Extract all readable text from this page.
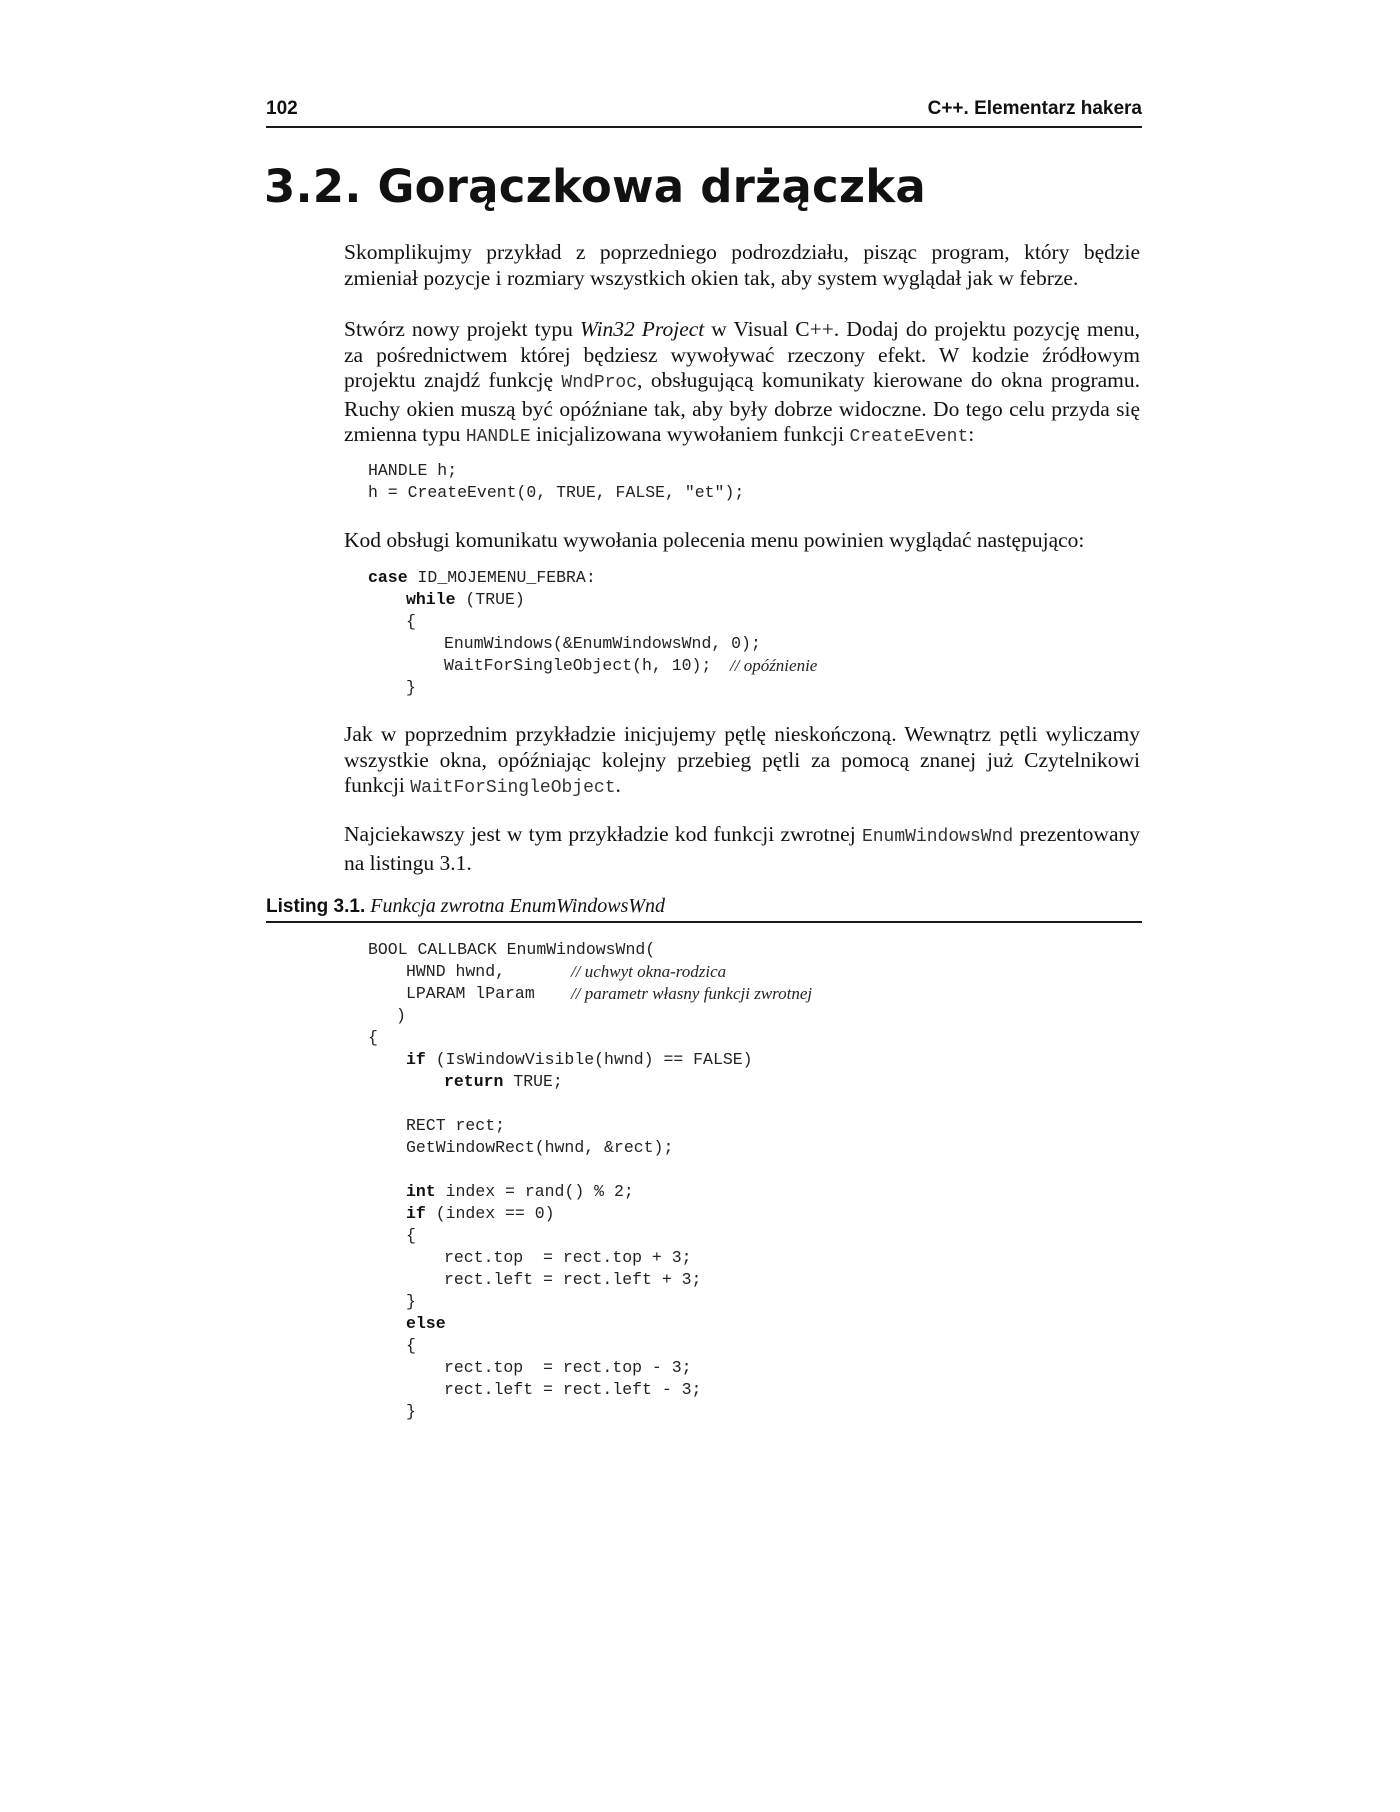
102	C++. Elementarz hakera
3.2. Gorączkowa drżączka

Skomplikujmy przykład z poprzedniego podrozdziału, pisząc program, który będzie zmieniał pozycje i rozmiary wszystkich okien tak, aby system wyglądał jak w febrze.

Stwórz nowy projekt typu Win32 Project w Visual C++. Dodaj do projektu pozycję menu, za pośrednictwem której będziesz wywoływać rzeczony efekt. W kodzie źródłowym projektu znajdź funkcję WndProc, obsługującą komunikaty kierowane do okna programu. Ruchy okien muszą być opóźniane tak, aby były dobrze widoczne. Do tego celu przyda się zmienna typu HANDLE inicjalizowana wywołaniem funkcji CreateEvent:

HANDLE h;
h = CreateEvent(0, TRUE, FALSE, "et");

Kod obsługi komunikatu wywołania polecenia menu powinien wyglądać następująco:

case ID_MOJEMENU_FEBRA:
while (TRUE)
{
EnumWindows(&EnumWindowsWnd, 0);
WaitForSingleObject(h, 10); // opóźnienie
}

Jak w poprzednim przykładzie inicjujemy pętlę nieskończoną. Wewnątrz pętli wyliczamy wszystkie okna, opóźniając kolejny przebieg pętli za pomocą znanej już Czytelnikowi funkcji WaitForSingleObject.

Najciekawszy jest w tym przykładzie kod funkcji zwrotnej EnumWindowsWnd prezentowany na listingu 3.1.

Listing 3.1. Funkcja zwrotna EnumWindowsWnd
BOOL CALLBACK EnumWindowsWnd(
HWND hwnd,	// uchwyt okna-rodzica
LPARAM lParam // parametr własny funkcji zwrotnej
)
{
if (IsWindowVisible(hwnd) == FALSE)
return TRUE;

RECT rect;
GetWindowRect(hwnd, &rect);

int index = rand() % 2;
if (index == 0)
{
rect.top  = rect.top + 3;
rect.left = rect.left + 3;
}
else
{
rect.top  = rect.top - 3;
rect.left = rect.left - 3;
}
